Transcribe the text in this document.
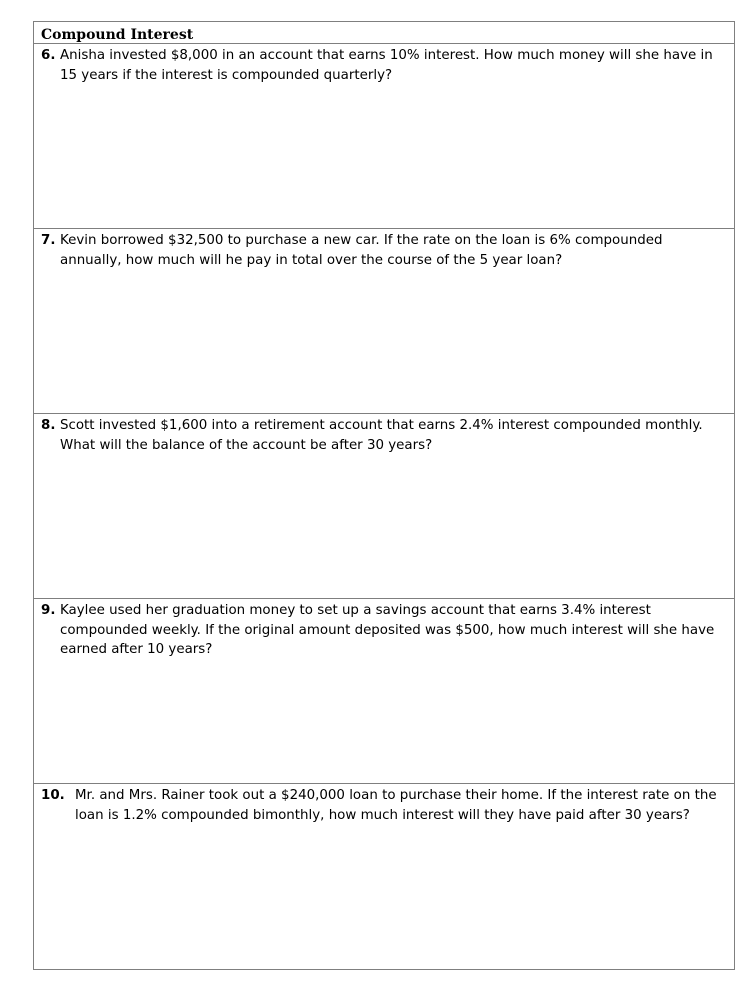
Compound Interest
6. Anisha invested $8,000 in an account that earns 10% interest. How much money will she have in 15 years if the interest is compounded quarterly?
7. Kevin borrowed $32,500 to purchase a new car. If the rate on the loan is 6% compounded annually, how much will he pay in total over the course of the 5 year loan?
8. Scott invested $1,600 into a retirement account that earns 2.4% interest compounded monthly. What will the balance of the account be after 30 years?
9. Kaylee used her graduation money to set up a savings account that earns 3.4% interest compounded weekly. If the original amount deposited was $500, how much interest will she have earned after 10 years?
10. Mr. and Mrs. Rainer took out a $240,000 loan to purchase their home. If the interest rate on the loan is 1.2% compounded bimonthly, how much interest will they have paid after 30 years?
